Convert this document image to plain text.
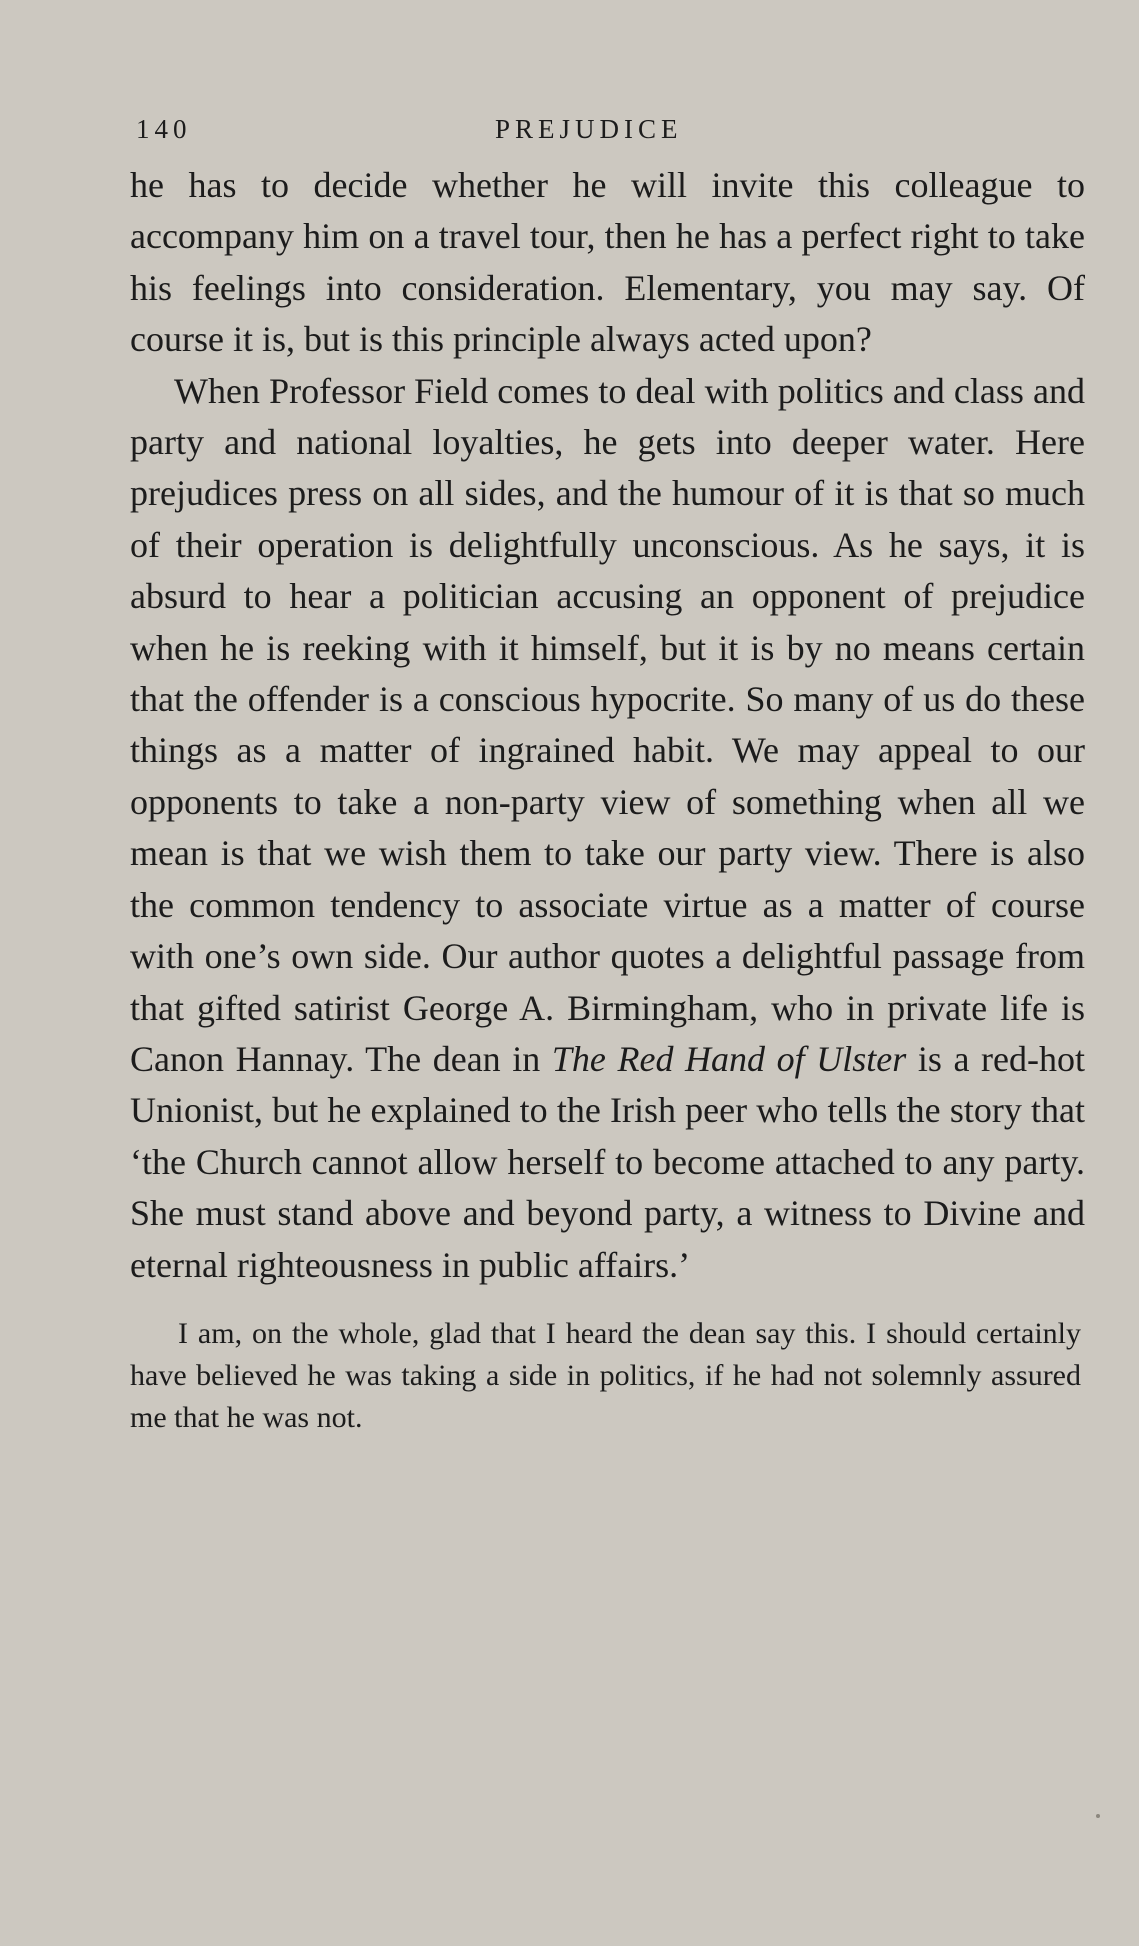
140	PREJUDICE

he has to decide whether he will invite this colleague to accompany him on a travel tour, then he has a perfect right to take his feelings into consideration. Elementary, you may say. Of course it is, but is this principle always acted upon?

When Professor Field comes to deal with politics and class and party and national loyalties, he gets into deeper water. Here prejudices press on all sides, and the humour of it is that so much of their operation is delightfully unconscious. As he says, it is absurd to hear a politician accusing an opponent of prejudice when he is reeking with it himself, but it is by no means certain that the offender is a conscious hypocrite. So many of us do these things as a matter of ingrained habit. We may appeal to our opponents to take a non-party view of something when all we mean is that we wish them to take our party view. There is also the common tendency to associate virtue as a matter of course with one’s own side. Our author quotes a delightful passage from that gifted satirist George A. Birmingham, who in private life is Canon Hannay. The dean in The Red Hand of Ulster is a red-hot Unionist, but he explained to the Irish peer who tells the story that ‘the Church cannot allow herself to become attached to any party. She must stand above and beyond party, a witness to Divine and eternal righteousness in public affairs.’

I am, on the whole, glad that I heard the dean say this. I should certainly have believed he was taking a side in politics, if he had not solemnly assured me that he was not.
